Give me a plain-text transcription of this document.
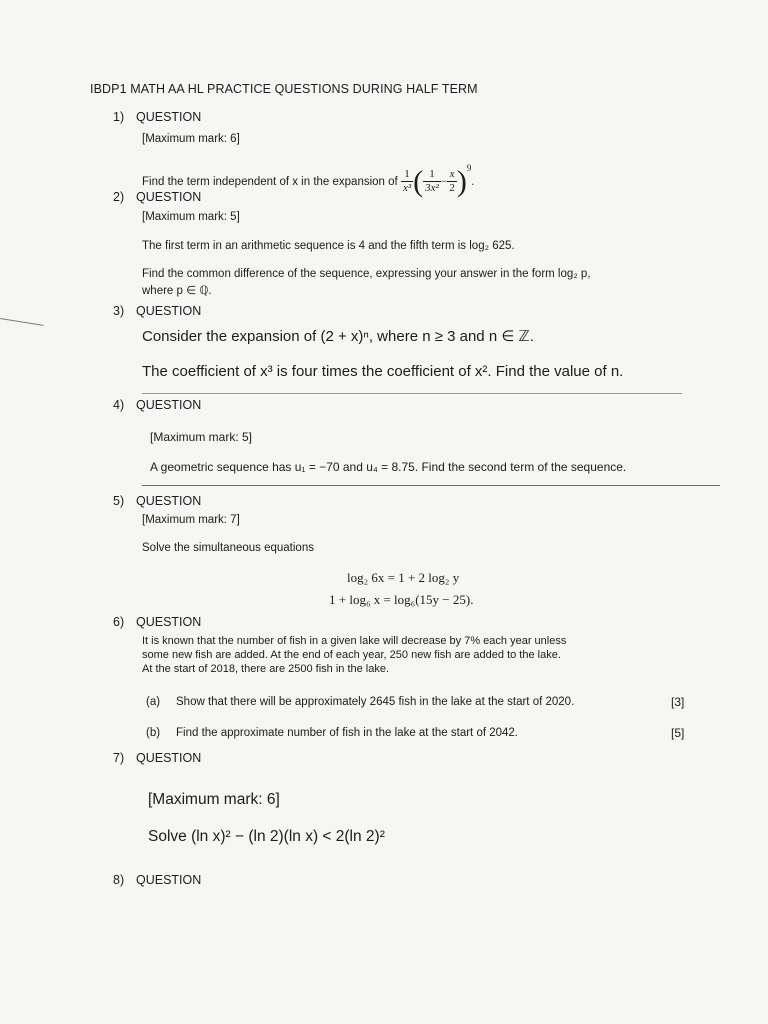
IBDP1 MATH AA HL PRACTICE QUESTIONS DURING HALF TERM
1) QUESTION
[Maximum mark: 6]
Find the term independent of x in the expansion of $\frac{1}{\text{x³}}$ ( $\frac{1}{\text{3x²}} - \frac{x}{2} )^9$.
2) QUESTION
[Maximum mark: 5]
The first term in an arithmetic sequence is 4 and the fifth term is log₂ 625.
Find the common difference of the sequence, expressing your answer in the form log₂ p,
where p ∈ ℚ.
3) QUESTION
Consider the expansion of (2 + x)ⁿ, where n ≥ 3 and n ∈ ℤ.
The coefficient of x³ is four times the coefficient of x². Find the value of n.
4) QUESTION
[Maximum mark: 5]
A geometric sequence has u₁ = −70 and u₄ = 8.75. Find the second term of the sequence.
5) QUESTION
[Maximum mark: 7]
Solve the simultaneous equations
log₂ 6x = 1 + 2 log₂ y
1 + log₆ x = log₆(15y − 25).
6) QUESTION
It is known that the number of fish in a given lake will decrease by 7% each year unless
some new fish are added. At the end of each year, 250 new fish are added to the lake.
At the start of 2018, there are 2500 fish in the lake.
(a) Show that there will be approximately 2645 fish in the lake at the start of 2020.	[3]
(b) Find the approximate number of fish in the lake at the start of 2042.	[5]
7) QUESTION
[Maximum mark: 6]
Solve (ln x)² − (ln 2)(ln x) < 2(ln 2)²
8) QUESTION
